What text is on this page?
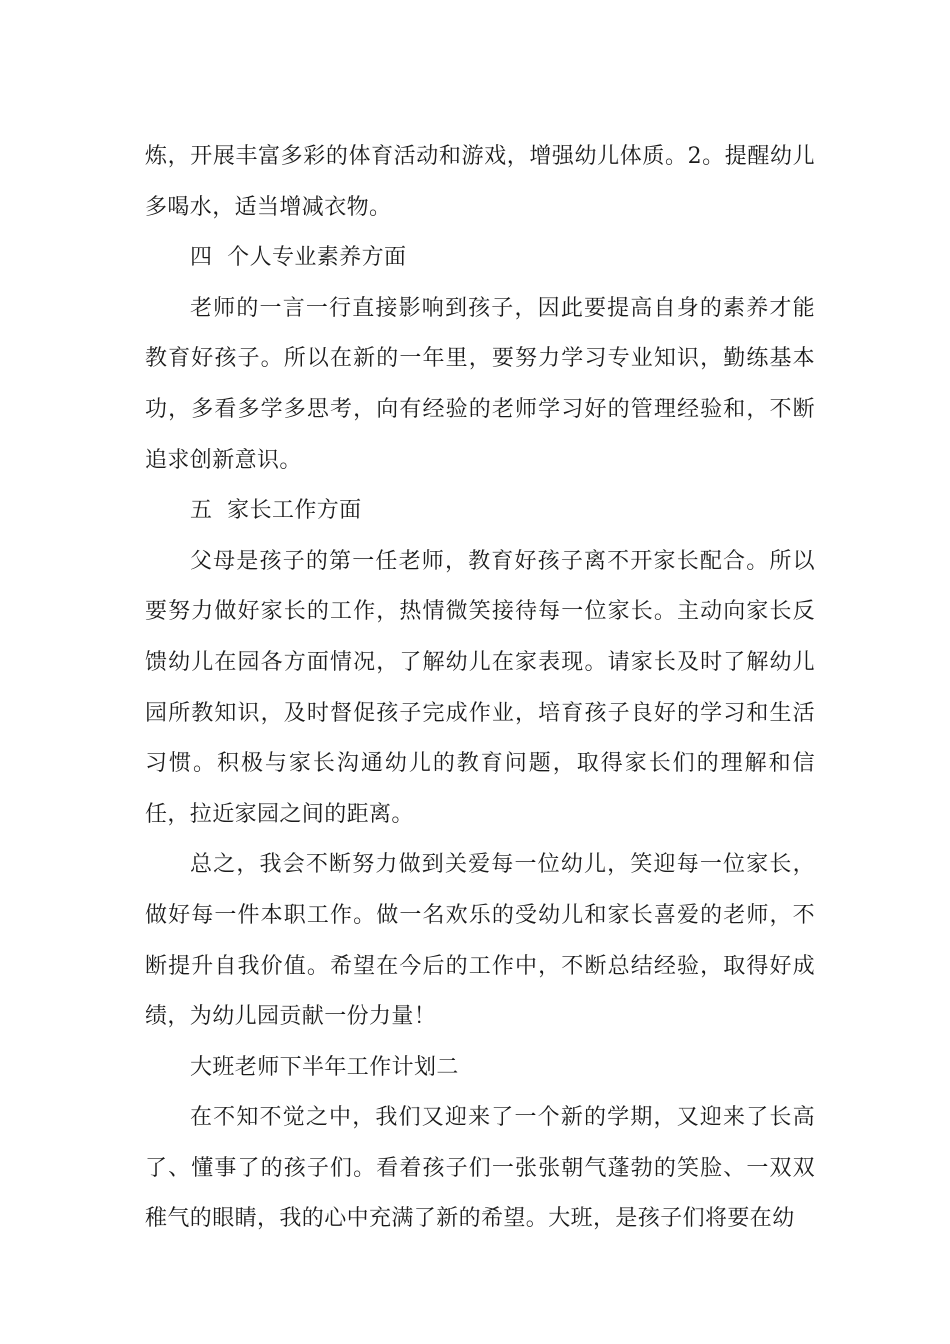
炼，开展丰富多彩的体育活动和游戏，增强幼儿体质。2。提醒幼儿多喝水，适当增减衣物。

四  个人专业素养方面

老师的一言一行直接影响到孩子，因此要提高自身的素养才能教育好孩子。所以在新的一年里，要努力学习专业知识，勤练基本功，多看多学多思考，向有经验的老师学习好的管理经验和，不断追求创新意识。

五  家长工作方面

父母是孩子的第一任老师，教育好孩子离不开家长配合。所以要努力做好家长的工作，热情微笑接待每一位家长。主动向家长反馈幼儿在园各方面情况，了解幼儿在家表现。请家长及时了解幼儿园所教知识，及时督促孩子完成作业，培育孩子良好的学习和生活习惯。积极与家长沟通幼儿的教育问题，取得家长们的理解和信任，拉近家园之间的距离。

总之，我会不断努力做到关爱每一位幼儿，笑迎每一位家长，做好每一件本职工作。做一名欢乐的受幼儿和家长喜爱的老师，不断提升自我价值。希望在今后的工作中，不断总结经验，取得好成绩，为幼儿园贡献一份力量！

大班老师下半年工作计划二

在不知不觉之中，我们又迎来了一个新的学期，又迎来了长高了、懂事了的孩子们。看着孩子们一张张朝气蓬勃的笑脸、一双双稚气的眼睛，我的心中充满了新的希望。大班，是孩子们将要在幼
